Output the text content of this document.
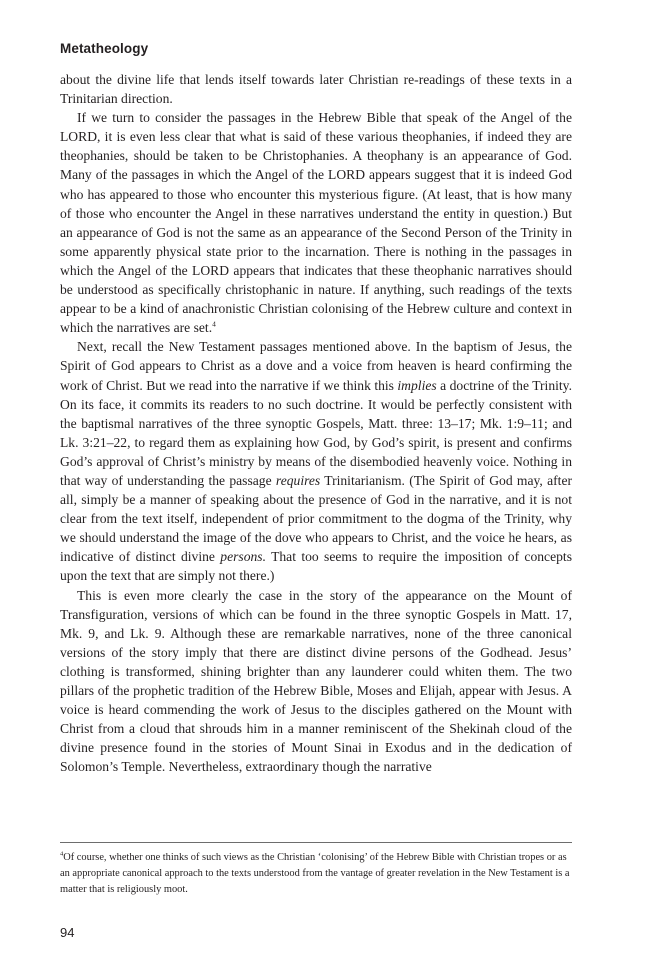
Metatheology

about the divine life that lends itself towards later Christian re-readings of these texts in a Trinitarian direction.

If we turn to consider the passages in the Hebrew Bible that speak of the Angel of the LORD, it is even less clear that what is said of these various theophanies, if indeed they are theophanies, should be taken to be Christophanies. A theophany is an appearance of God. Many of the passages in which the Angel of the LORD appears suggest that it is indeed God who has appeared to those who encounter this mysterious figure. (At least, that is how many of those who encounter the Angel in these narratives understand the entity in question.) But an appearance of God is not the same as an appearance of the Second Person of the Trinity in some apparently physical state prior to the incarnation. There is nothing in the passages in which the Angel of the LORD appears that indicates that these theophanic narratives should be understood as specifically christophanic in nature. If anything, such readings of the texts appear to be a kind of anachronistic Christian colonising of the Hebrew culture and context in which the narratives are set.$^4$

Next, recall the New Testament passages mentioned above. In the baptism of Jesus, the Spirit of God appears to Christ as a dove and a voice from heaven is heard confirming the work of Christ. But we read into the narrative if we think this implies a doctrine of the Trinity. On its face, it commits its readers to no such doctrine. It would be perfectly consistent with the baptismal narratives of the three synoptic Gospels, Matt. three: 13–17; Mk. 1:9–11; and Lk. 3:21–22, to regard them as explaining how God, by God’s spirit, is present and confirms God’s approval of Christ’s ministry by means of the disembodied heavenly voice. Nothing in that way of understanding the passage requires Trinitarianism. (The Spirit of God may, after all, simply be a manner of speaking about the presence of God in the narrative, and it is not clear from the text itself, independent of prior commitment to the dogma of the Trinity, why we should understand the image of the dove who appears to Christ, and the voice he hears, as indicative of distinct divine persons. That too seems to require the imposition of concepts upon the text that are simply not there.)

This is even more clearly the case in the story of the appearance on the Mount of Transfiguration, versions of which can be found in the three synoptic Gospels in Matt. 17, Mk. 9, and Lk. 9. Although these are remarkable narratives, none of the three canonical versions of the story imply that there are distinct divine persons of the Godhead. Jesus’ clothing is transformed, shining brighter than any launderer could whiten them. The two pillars of the prophetic tradition of the Hebrew Bible, Moses and Elijah, appear with Jesus. A voice is heard commending the work of Jesus to the disciples gathered on the Mount with Christ from a cloud that shrouds him in a manner reminiscent of the Shekinah cloud of the divine presence found in the stories of Mount Sinai in Exodus and in the dedication of Solomon’s Temple. Nevertheless, extraordinary though the narrative

$^4$Of course, whether one thinks of such views as the Christian ‘colonising’ of the Hebrew Bible with Christian tropes or as an appropriate canonical approach to the texts understood from the vantage of greater revelation in the New Testament is a matter that is religiously moot.
94
